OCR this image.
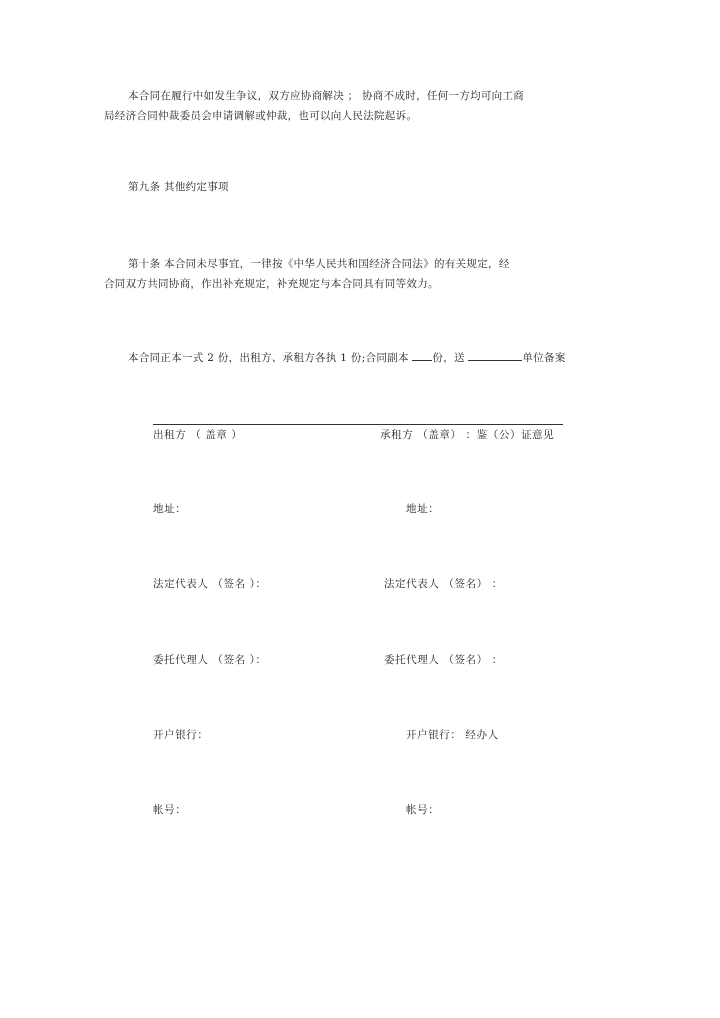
本合同在履行中如发生争议，双方应协商解决 ； 协商不成时，任何一方均可向工商
局经济合同仲裁委员会申请调解或仲裁，也可以向人民法院起诉。
第九条 其他约定事项
第十条 本合同未尽事宜，一律按《中华人民共和国经济合同法》的有关规定，经
合同双方共同协商，作出补充规定，补充规定与本合同具有同等效力。
本合同正本一式 2 份，出租方、承租方各执 1 份;合同副本 份，送	单位备案
出租方 （ 盖章 ）	承租方 （盖章） ：鉴（公）证意见
地址：	地址：
法定代表人 （签名 ）：	法定代表人 （签名） ：
委托代理人 （签名 ）：	委托代理人 （签名） ：
开户银行：	开户银行： 经办人
帐号：	帐号：
